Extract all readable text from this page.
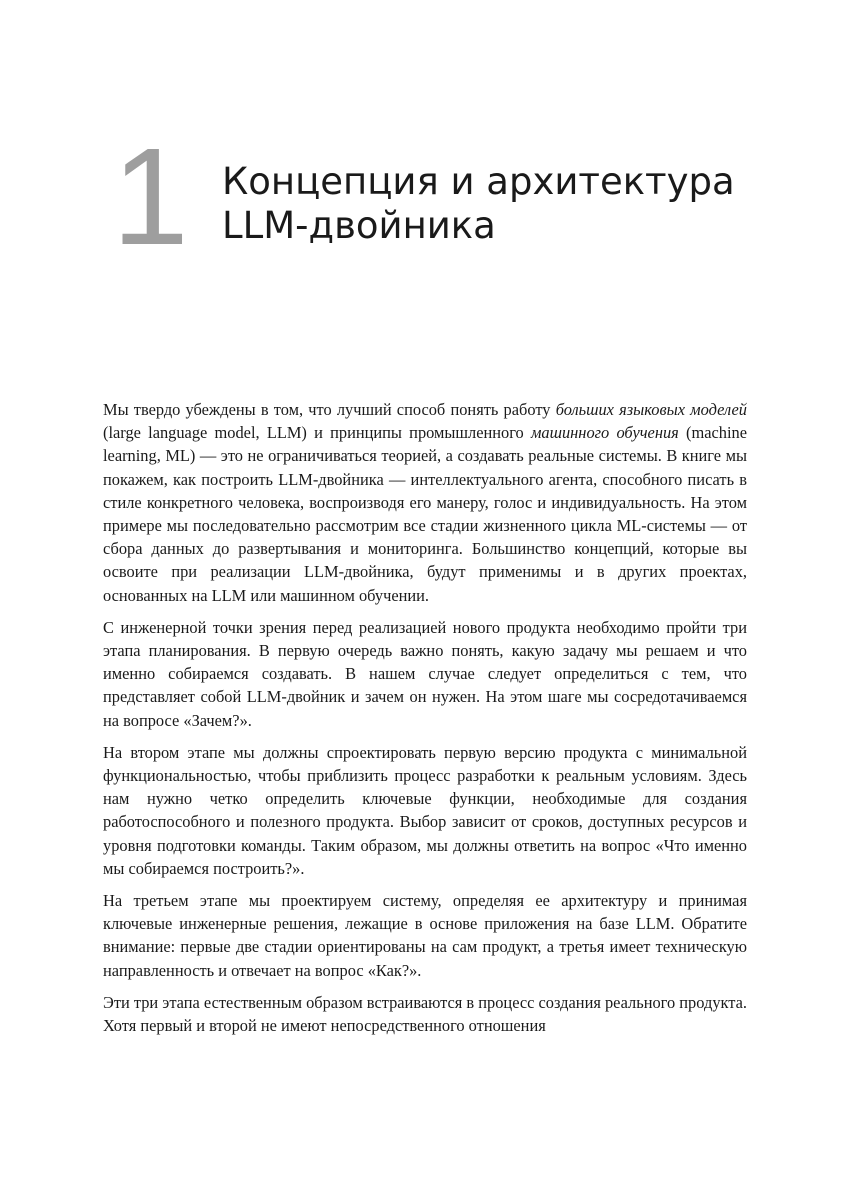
1 Концепция и архитектура
LLM-двойника

Мы твердо убеждены в том, что лучший способ понять работу больших языковых моделей (large language model, LLM) и принципы промышленного машинного обучения (machine learning, ML) — это не ограничиваться теорией, а создавать реальные системы. В книге мы покажем, как построить LLM-двойника — интеллектуального агента, способного писать в стиле конкретного человека, воспроизводя его манеру, голос и индивидуальность. На этом примере мы последовательно рассмотрим все стадии жизненного цикла ML-системы — от сбора данных до развертывания и мониторинга. Большинство концепций, которые вы освоите при реализации LLM-двойника, будут применимы и в других проектах, основанных на LLM или машинном обучении.

С инженерной точки зрения перед реализацией нового продукта необходимо пройти три этапа планирования. В первую очередь важно понять, какую задачу мы решаем и что именно собираемся создавать. В нашем случае следует определиться с тем, что представляет собой LLM-двойник и зачем он нужен. На этом шаге мы сосредотачиваемся на вопросе «Зачем?».

На втором этапе мы должны спроектировать первую версию продукта с минимальной функциональностью, чтобы приблизить процесс разработки к реальным условиям. Здесь нам нужно четко определить ключевые функции, необходимые для создания работоспособного и полезного продукта. Выбор зависит от сроков, доступных ресурсов и уровня подготовки команды. Таким образом, мы должны ответить на вопрос «Что именно мы собираемся построить?».

На третьем этапе мы проектируем систему, определяя ее архитектуру и принимая ключевые инженерные решения, лежащие в основе приложения на базе LLM. Обратите внимание: первые две стадии ориентированы на сам продукт, а третья имеет техническую направленность и отвечает на вопрос «Как?».

Эти три этапа естественным образом встраиваются в процесс создания реального продукта. Хотя первый и второй не имеют непосредственного отношения
